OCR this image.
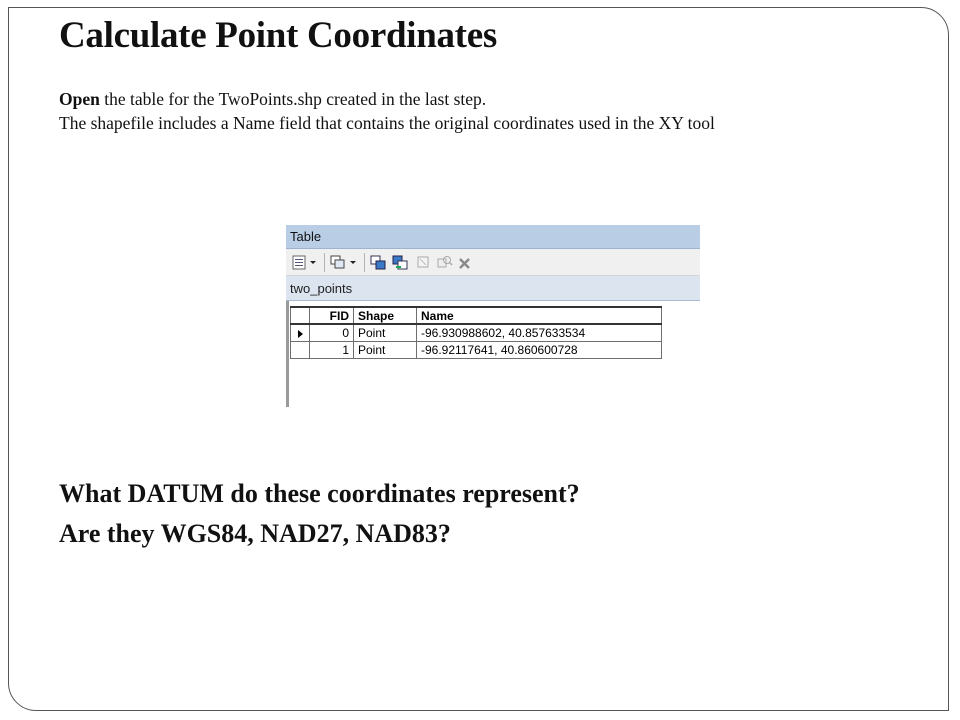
Calculate Point Coordinates
Open the table for the TwoPoints.shp created in the last step.
The shapefile includes a Name field that contains the original coordinates used in the XY tool
Table
two_points
	FID	Shape	Name
	0	Point	-96.930988602, 40.857633534
	1	Point	-96.92117641, 40.860600728
What DATUM do these coordinates represent?
Are they WGS84, NAD27, NAD83?
